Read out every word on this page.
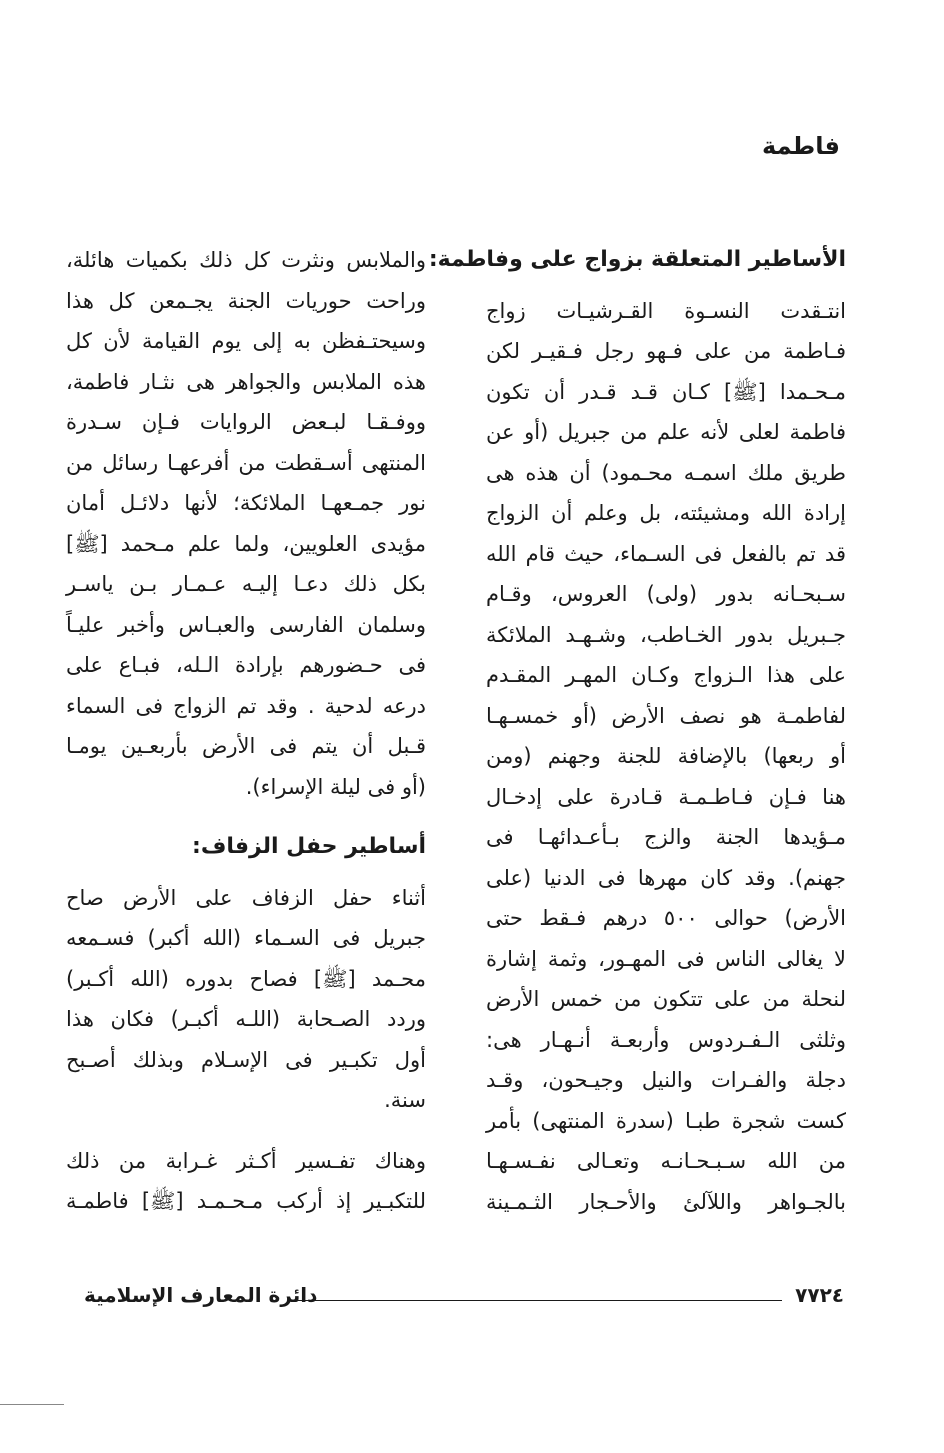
فاطمة
الأساطير المتعلقة بزواج على وفاطمة:
انتـقدت النسـوة القـرشيـات زواج
فـاطمة من على فـهو رجل فـقيـر لكن
مـحـمدا [ﷺ] كـان قـد قـدر أن تكون
فاطمة لعلى لأنه علم من جبريل (أو عن
طريق ملك اسمـه محـمود) أن هذه هى
إرادة الله ومشيئته، بل وعلم أن الزواج
قد تم بالفعل فى السـماء، حيث قام الله
سـبحـانه بدور (ولى) العروس، وقـام
جـبريل بدور الخـاطب، وشـهـد الملائكة
على هذا الـزواج وكـان المهـر المقـدم
لفاطمـة هو نصف الأرض (أو خمسـهـا
أو ربعها) بالإضافة للجنة وجهنم (ومن
هنا فـإن فـاطـمـة قـادرة على إدخـال
مـؤيدها الجنة والزج بـأعـدائهـا فى
جهنم). وقد كان مهرها فى الدنيا (على
الأرض) حوالى ٥٠٠ درهم فـقط حتى
لا يغالى الناس فى المهـور، وثمة إشارة
لنحلة من على تتكون من خمس الأرض
وثلثى الـفـردوس وأربعـة أنـهـار هى:
دجلة والفـرات والنيل وجيـحون، وقـد
كست شجرة طبـا (سدرة المنتهى) بأمر
من الله سـبـحـانـه وتعـالى نفـسـهـا
بالجـواهر واللآلئ والأحـجار الثـمـينة
والملابس ونثرت كل ذلك بكميات هائلة،
وراحت حوريات الجنة يجـمعن كل هذا
وسيحتـفظن به إلى يوم القيامة لأن كل
هذه الملابس والجواهر هى نثـار فاطمة،
ووفـقـا لبـعض الروايات فـإن سـدرة
المنتهى أسـقطت من أفرعهـا رسائل من
نور جمـعهـا الملائكة؛ لأنها دلائـل أمان
مؤيدى العلويين، ولما علم مـحمد [ﷺ]
بكل ذلك دعـا إليـه عـمـار بـن ياسـر
وسلمان الفارسى والعبـاس وأخبر عليـاً
فى حـضورهم بإرادة الـله، فبـاع على
درعه لدحية . وقد تم الزواج فى السماء
قـبل أن يتم فى الأرض بأربعـين يومـا
(أو فى ليلة الإسراء).
أساطير حفل الزفاف:
أثناء حفل الزفاف على الأرض صاح
جبريل فى السـماء (الله أكبر) فسـمعه
محـمد [ﷺ] فصاح بدوره (الله أكـبر)
وردد الصـحابة (اللـه أكبـر) فكان هذا
أول تكبـير فى الإسـلام وبذلك أصـبح
سنة.
وهناك تفـسير أكـثر غـرابة من ذلك
للتكبـير إذ أركب مـحـمـد [ﷺ] فاطمـة
٧٧٢٤
دائرة المعارف الإسلامية
